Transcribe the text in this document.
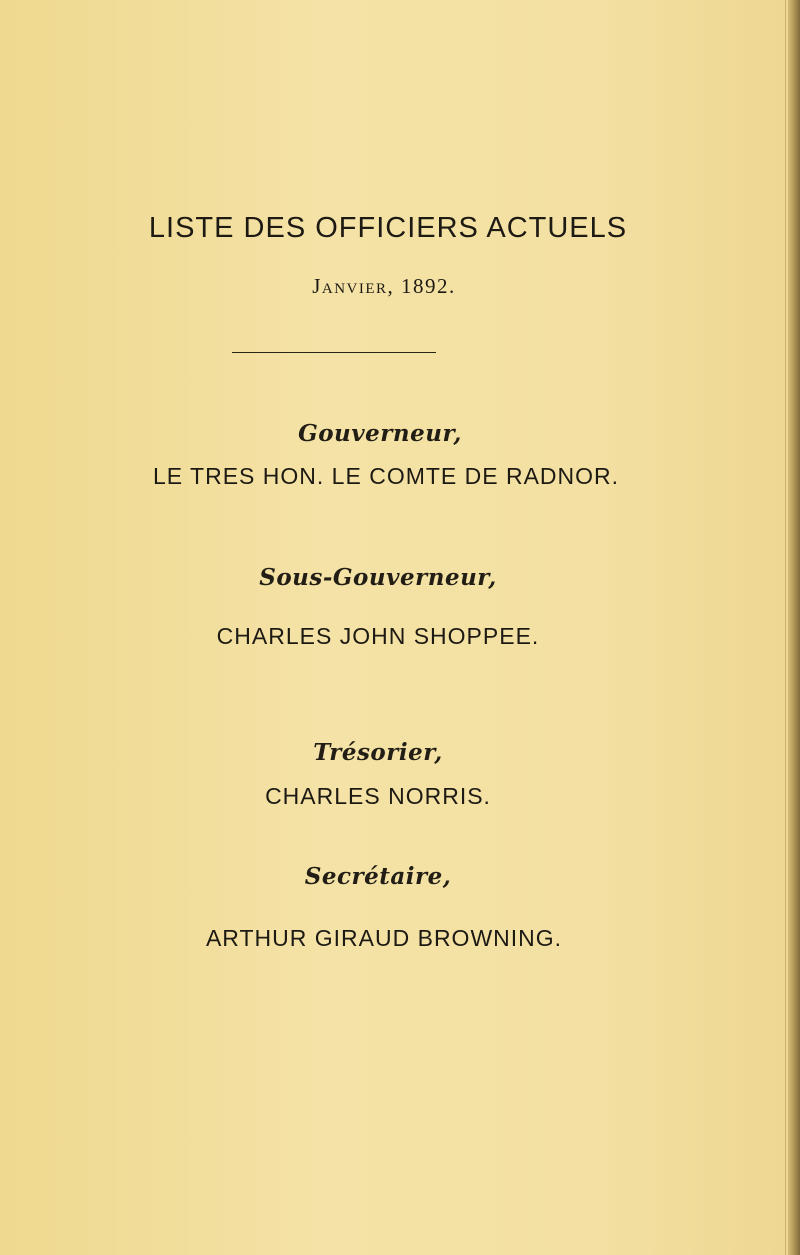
LISTE DES OFFICIERS ACTUELS
Janvier, 1892.
Gouverneur,
LE TRES HON. LE COMTE DE RADNOR.
Sous-Gouverneur,
CHARLES JOHN SHOPPEE.
Trésorier,
CHARLES NORRIS.
Secrétaire,
ARTHUR GIRAUD BROWNING.
